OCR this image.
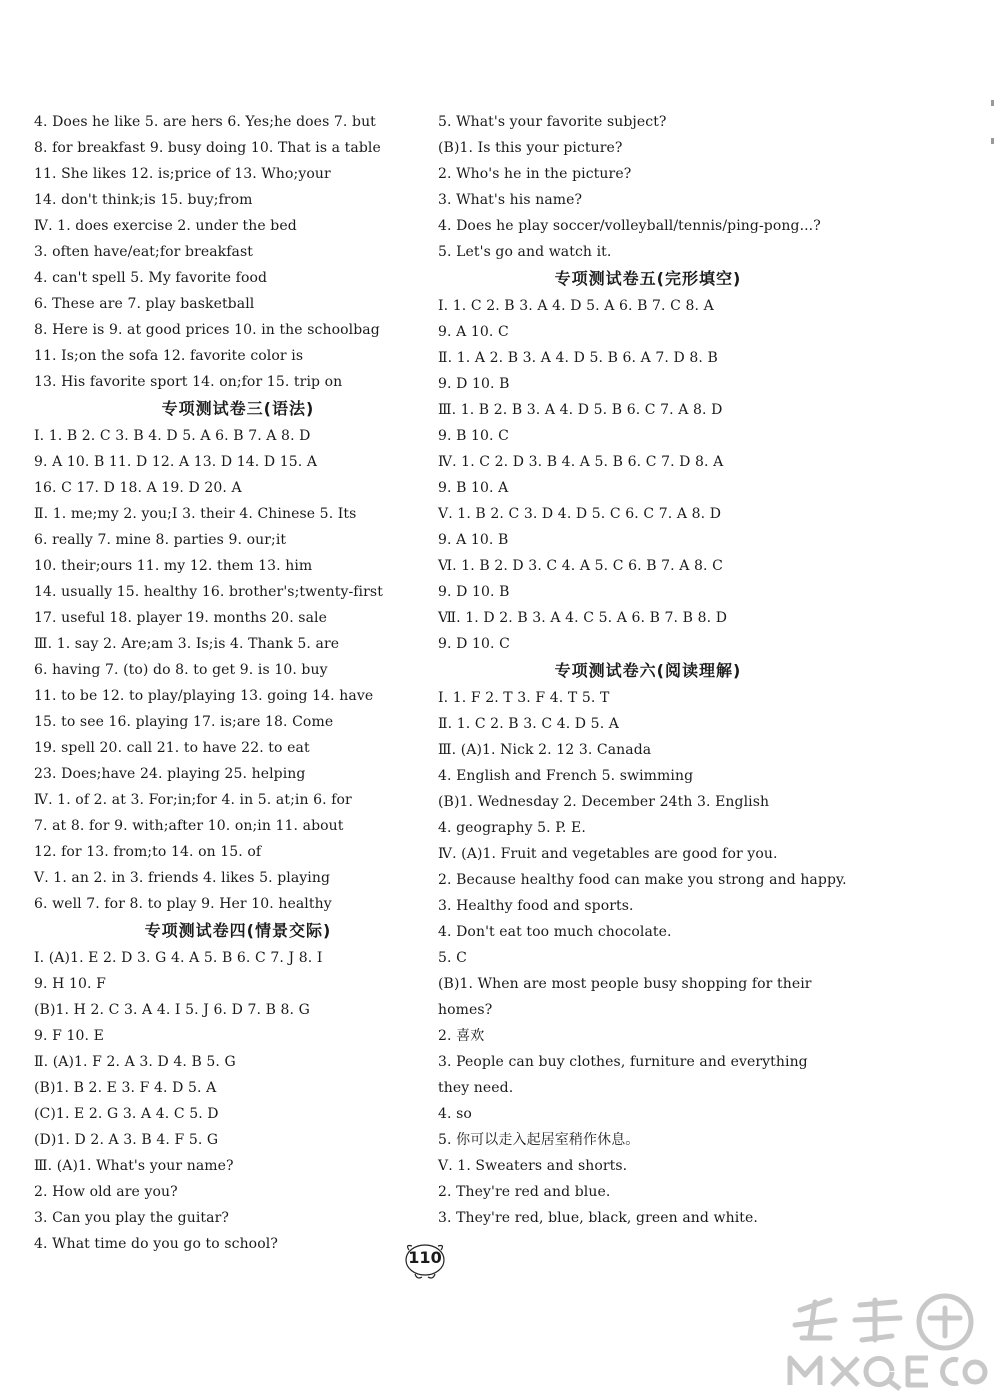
4. Does he like 5. are hers 6. Yes;he does 7. but
8. for breakfast 9. busy doing 10. That is a table
11. She likes 12. is;price of 13. Who;your
14. don't think;is 15. buy;from
Ⅳ. 1. does exercise 2. under the bed
3. often have/eat;for breakfast
4. can't spell 5. My favorite food
6. These are 7. play basketball
8. Here is 9. at good prices 10. in the schoolbag
11. Is;on the sofa 12. favorite color is
13. His favorite sport 14. on;for 15. trip on
专项测试卷三(语法)
Ⅰ. 1. B 2. C 3. B 4. D 5. A 6. B 7. A 8. D
9. A 10. B 11. D 12. A 13. D 14. D 15. A
16. C 17. D 18. A 19. D 20. A
Ⅱ. 1. me;my 2. you;I 3. their 4. Chinese 5. Its
6. really 7. mine 8. parties 9. our;it
10. their;ours 11. my 12. them 13. him
14. usually 15. healthy 16. brother's;twenty-first
17. useful 18. player 19. months 20. sale
Ⅲ. 1. say 2. Are;am 3. Is;is 4. Thank 5. are
6. having 7. (to) do 8. to get 9. is 10. buy
11. to be 12. to play/playing 13. going 14. have
15. to see 16. playing 17. is;are 18. Come
19. spell 20. call 21. to have 22. to eat
23. Does;have 24. playing 25. helping
Ⅳ. 1. of 2. at 3. For;in;for 4. in 5. at;in 6. for
7. at 8. for 9. with;after 10. on;in 11. about
12. for 13. from;to 14. on 15. of
Ⅴ. 1. an 2. in 3. friends 4. likes 5. playing
6. well 7. for 8. to play 9. Her 10. healthy
专项测试卷四(情景交际)
Ⅰ. (A)1. E 2. D 3. G 4. A 5. B 6. C 7. J 8. I
9. H 10. F
(B)1. H 2. C 3. A 4. I 5. J 6. D 7. B 8. G
9. F 10. E
Ⅱ. (A)1. F 2. A 3. D 4. B 5. G
(B)1. B 2. E 3. F 4. D 5. A
(C)1. E 2. G 3. A 4. C 5. D
(D)1. D 2. A 3. B 4. F 5. G
Ⅲ. (A)1. What's your name?
2. How old are you?
3. Can you play the guitar?
4. What time do you go to school?
5. What's your favorite subject?
(B)1. Is this your picture?
2. Who's he in the picture?
3. What's his name?
4. Does he play soccer/volleyball/tennis/ping-pong...?
5. Let's go and watch it.
专项测试卷五(完形填空)
Ⅰ. 1. C 2. B 3. A 4. D 5. A 6. B 7. C 8. A
9. A 10. C
Ⅱ. 1. A 2. B 3. A 4. D 5. B 6. A 7. D 8. B
9. D 10. B
Ⅲ. 1. B 2. B 3. A 4. D 5. B 6. C 7. A 8. D
9. B 10. C
Ⅳ. 1. C 2. D 3. B 4. A 5. B 6. C 7. D 8. A
9. B 10. A
Ⅴ. 1. B 2. C 3. D 4. D 5. C 6. C 7. A 8. D
9. A 10. B
Ⅵ. 1. B 2. D 3. C 4. A 5. C 6. B 7. A 8. C
9. D 10. B
Ⅶ. 1. D 2. B 3. A 4. C 5. A 6. B 7. B 8. D
9. D 10. C
专项测试卷六(阅读理解)
Ⅰ. 1. F 2. T 3. F 4. T 5. T
Ⅱ. 1. C 2. B 3. C 4. D 5. A
Ⅲ. (A)1. Nick 2. 12 3. Canada
4. English and French 5. swimming
(B)1. Wednesday 2. December 24th 3. English
4. geography 5. P. E.
Ⅳ. (A)1. Fruit and vegetables are good for you.
2. Because healthy food can make you strong and happy.
3. Healthy food and sports.
4. Don't eat too much chocolate.
5. C
(B)1. When are most people busy shopping for their
homes?
2. 喜欢
3. People can buy clothes, furniture and everything
they need.
4. so
5. 你可以走入起居室稍作休息。
Ⅴ. 1. Sweaters and shorts.
2. They're red and blue.
3. They're red, blue, black, green and white.
110
